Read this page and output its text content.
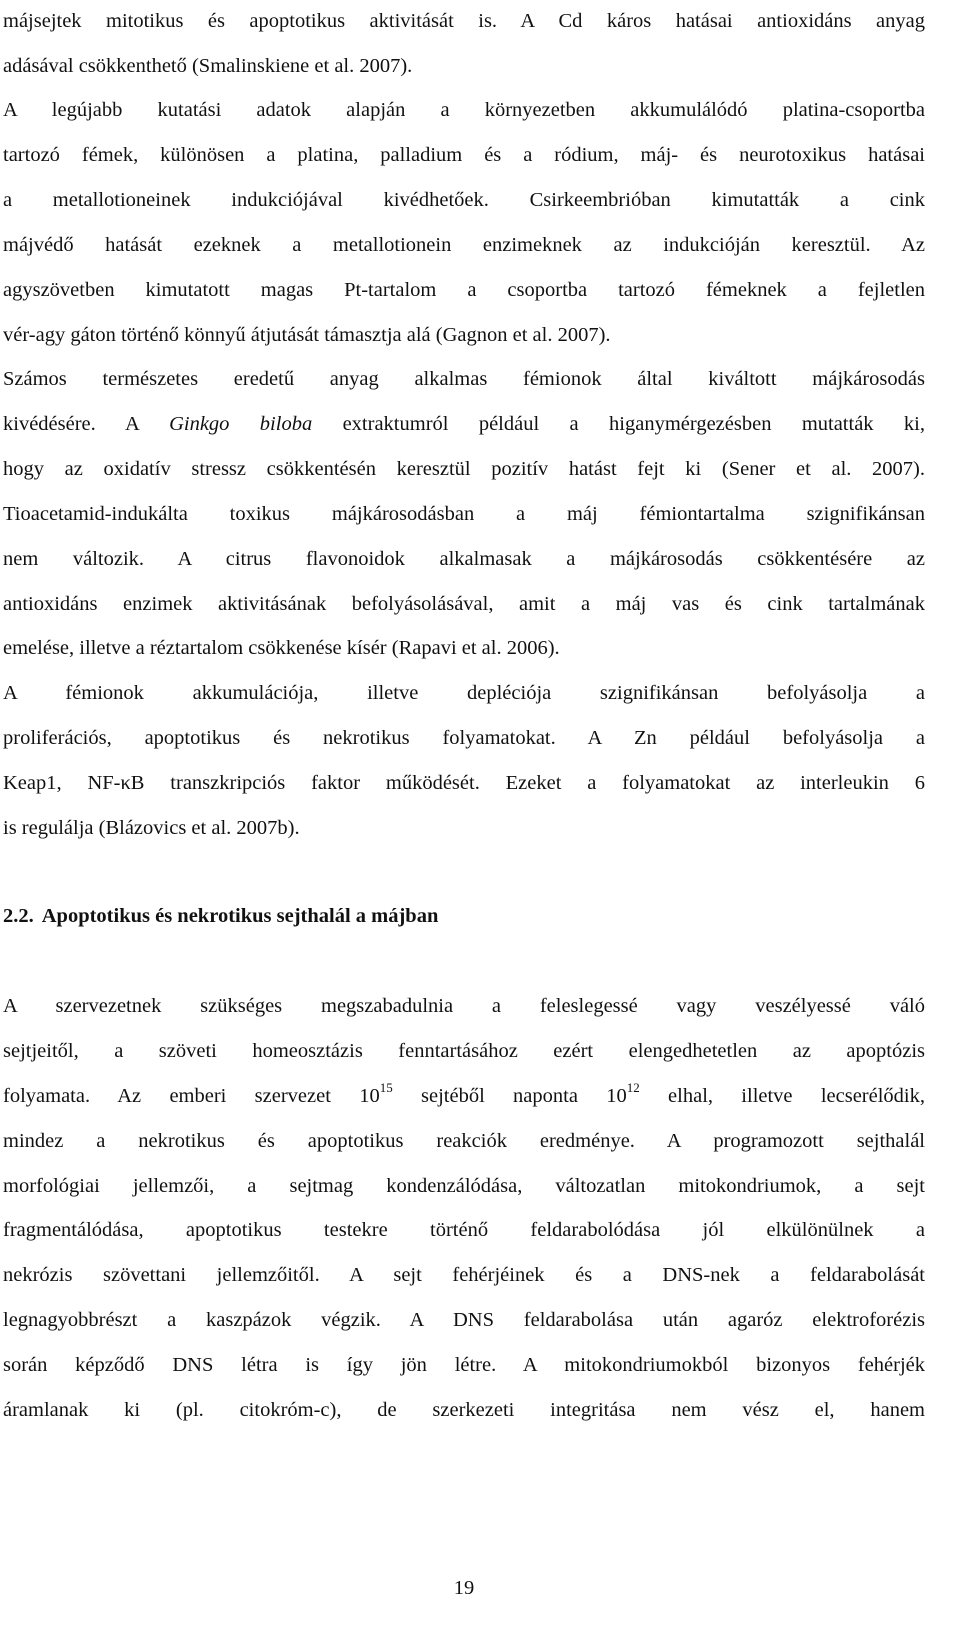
májsejtek mitotikus és apoptotikus aktivitását is. A Cd káros hatásai antioxidáns anyag
adásával csökkenthető (Smalinskiene et al. 2007).
A legújabb kutatási adatok alapján a környezetben akkumulálódó platina-csoportba
tartozó fémek, különösen a platina, palladium és a ródium, máj- és neurotoxikus hatásai
a metallotioneinek indukciójával kivédhetőek. Csirkeembrióban kimutatták a cink
májvédő hatását ezeknek a metallotionein enzimeknek az indukcióján keresztül. Az
agyszövetben kimutatott magas Pt-tartalom a csoportba tartozó fémeknek a fejletlen
vér-agy gáton történő könnyű átjutását támasztja alá (Gagnon et al. 2007).
Számos természetes eredetű anyag alkalmas fémionok által kiváltott májkárosodás
kivédésére. A Ginkgo biloba extraktumról például a higanymérgezésben mutatták ki,
hogy az oxidatív stressz csökkentésén keresztül pozitív hatást fejt ki (Sener et al. 2007).
Tioacetamid-indukálta toxikus májkárosodásban a máj fémiontartalma szignifikánsan
nem változik. A citrus flavonoidok alkalmasak a májkárosodás csökkentésére az
antioxidáns enzimek aktivitásának befolyásolásával, amit a máj vas és cink tartalmának
emelése, illetve a réztartalom csökkenése kísér (Rapavi et al. 2006).
A fémionok akkumulációja, illetve depléciója szignifikánsan befolyásolja a
proliferációs, apoptotikus és nekrotikus folyamatokat. A Zn például befolyásolja a
Keap1, NF-κB transzkripciós faktor működését. Ezeket a folyamatokat az interleukin 6
is regulálja (Blázovics et al. 2007b).
2.2. Apoptotikus és nekrotikus sejthalál a májban
A szervezetnek szükséges megszabadulnia a feleslegessé vagy veszélyessé váló
sejtjeitől, a szöveti homeosztázis fenntartásához ezért elengedhetetlen az apoptózis
folyamata. Az emberi szervezet $10^{15}$ sejtéből naponta $10^{12}$ elhal, illetve lecserélődik,
mindez a nekrotikus és apoptotikus reakciók eredménye. A programozott sejthalál
morfológiai jellemzői, a sejtmag kondenzálódása, változatlan mitokondriumok, a sejt
fragmentálódása, apoptotikus testekre történő feldarabolódása jól elkülönülnek a
nekrózis szövettani jellemzőitől. A sejt fehérjéinek és a DNS-nek a feldarabolását
legnagyobbrészt a kaszpázok végzik. A DNS feldarabolása után agaróz elektroforézis
során képződő DNS létra is így jön létre. A mitokondriumokból bizonyos fehérjék
áramlanak ki (pl. citokróm-c), de szerkezeti integritása nem vész el, hanem
19
